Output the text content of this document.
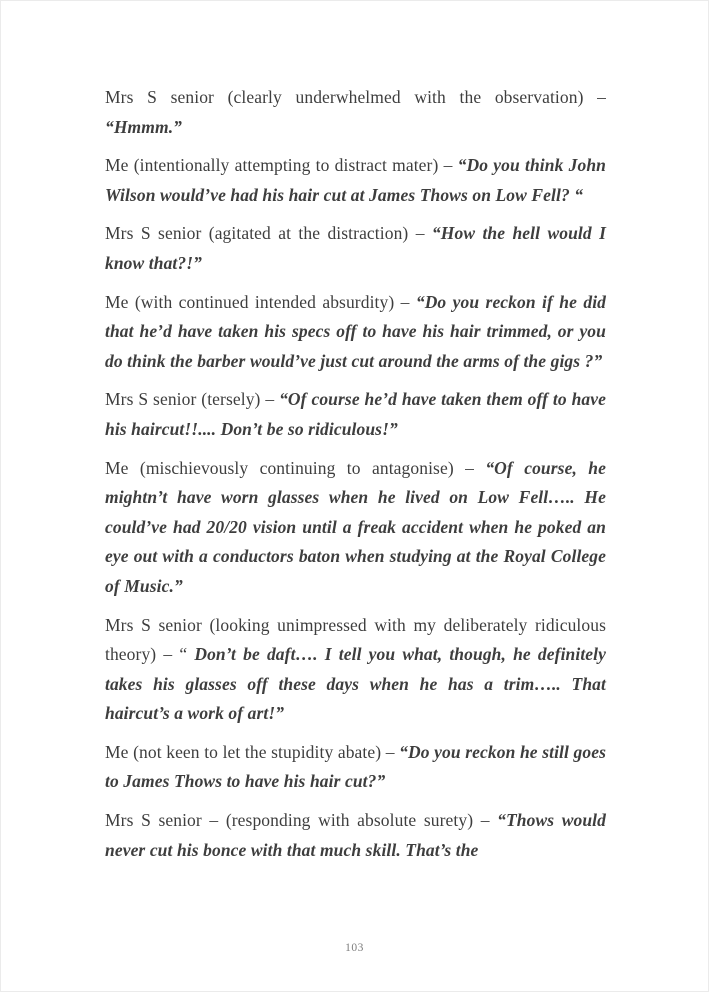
Mrs S senior (clearly underwhelmed with the observation) – “Hmmm.”

Me (intentionally attempting to distract mater) – “Do you think John Wilson would’ve had his hair cut at James Thows on Low Fell? “

Mrs S senior (agitated at the distraction) – “How the hell would I know that?!”

Me (with continued intended absurdity) – “Do you reckon if he did that he’d have taken his specs off to have his hair trimmed, or you do think the barber would’ve just cut around the arms of the gigs ?”

Mrs S senior (tersely) – “Of course he’d have taken them off to have his haircut!!.... Don’t be so ridiculous!”

Me (mischievously continuing to antagonise) – “Of course, he mightn’t have worn glasses when he lived on Low Fell….. He could’ve had 20/20 vision until a freak accident when he poked an eye out with a conductors baton when studying at the Royal College of Music.”

Mrs S senior (looking unimpressed with my deliberately ridiculous theory) – “ Don’t be daft…. I tell you what, though, he definitely takes his glasses off these days when he has a trim….. That haircut’s a work of art!”

Me (not keen to let the stupidity abate) – “Do you reckon he still goes to James Thows to have his hair cut?”

Mrs S senior – (responding with absolute surety) – “Thows would never cut his bonce with that much skill. That’s the

103
